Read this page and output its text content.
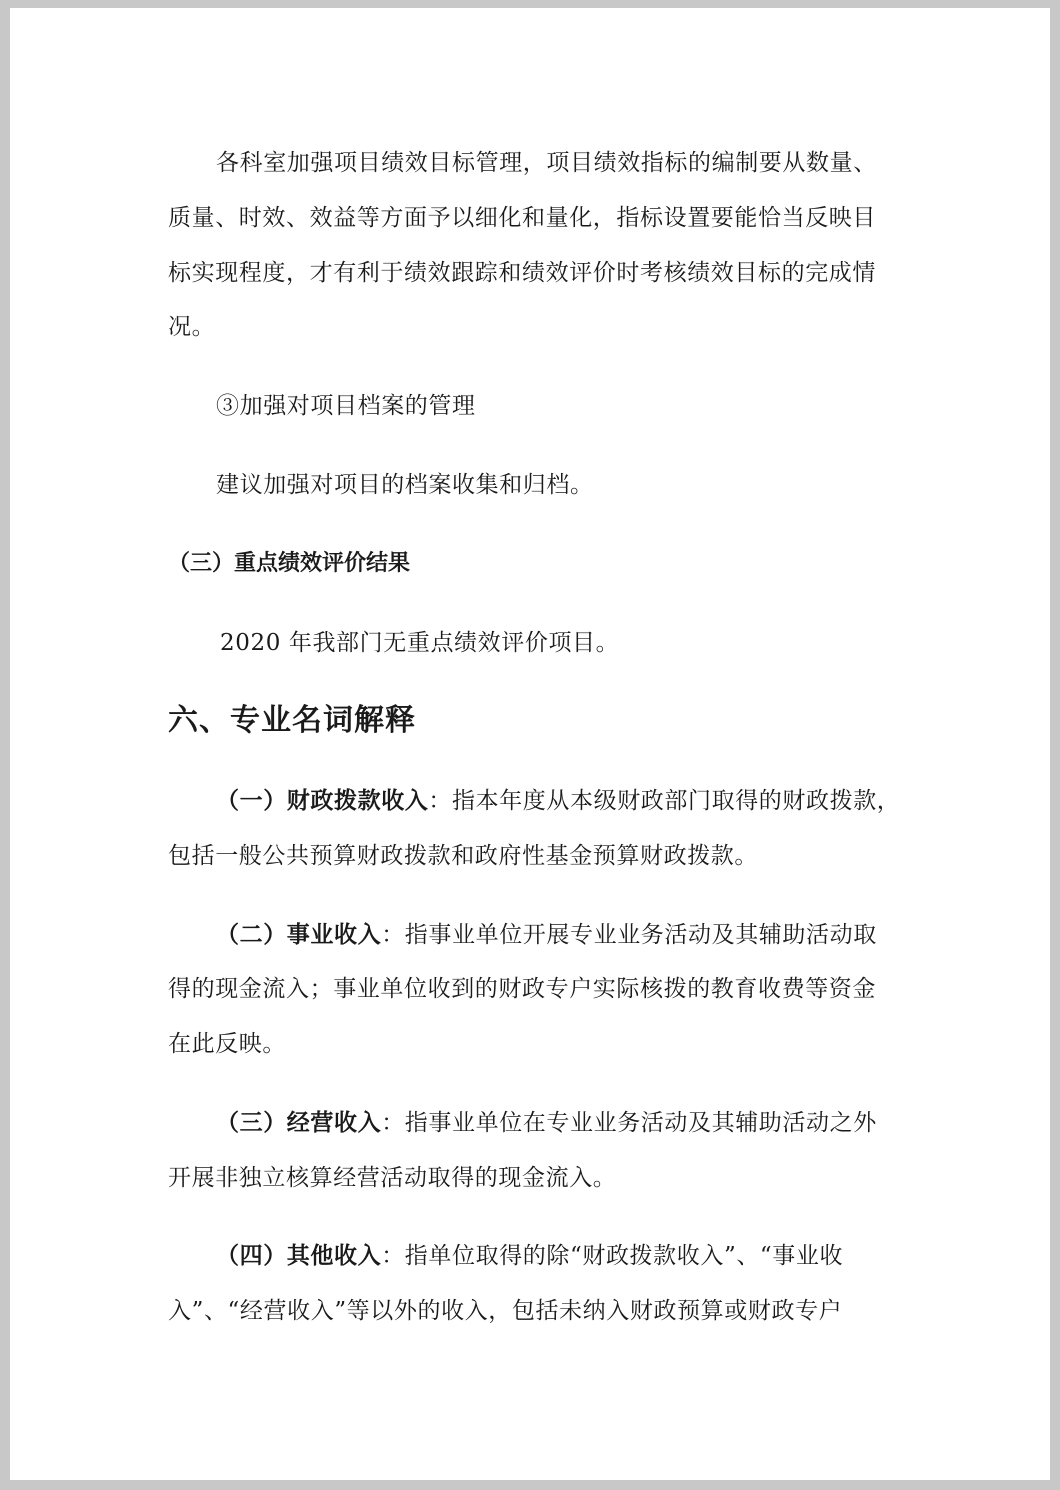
各科室加强项目绩效目标管理，项目绩效指标的编制要从数量、
质量、时效、效益等方面予以细化和量化，指标设置要能恰当反映目
标实现程度，才有利于绩效跟踪和绩效评价时考核绩效目标的完成情
况。
③加强对项目档案的管理
建议加强对项目的档案收集和归档。
（三）重点绩效评价结果
2020 年我部门无重点绩效评价项目。
六、专业名词解释
（一）财政拨款收入：指本年度从本级财政部门取得的财政拨款，
包括一般公共预算财政拨款和政府性基金预算财政拨款。
（二）事业收入：指事业单位开展专业业务活动及其辅助活动取
得的现金流入；事业单位收到的财政专户实际核拨的教育收费等资金
在此反映。
（三）经营收入：指事业单位在专业业务活动及其辅助活动之外
开展非独立核算经营活动取得的现金流入。
（四）其他收入：指单位取得的除“财政拨款收入”、“事业收
入”、“经营收入”等以外的收入，包括未纳入财政预算或财政专户
